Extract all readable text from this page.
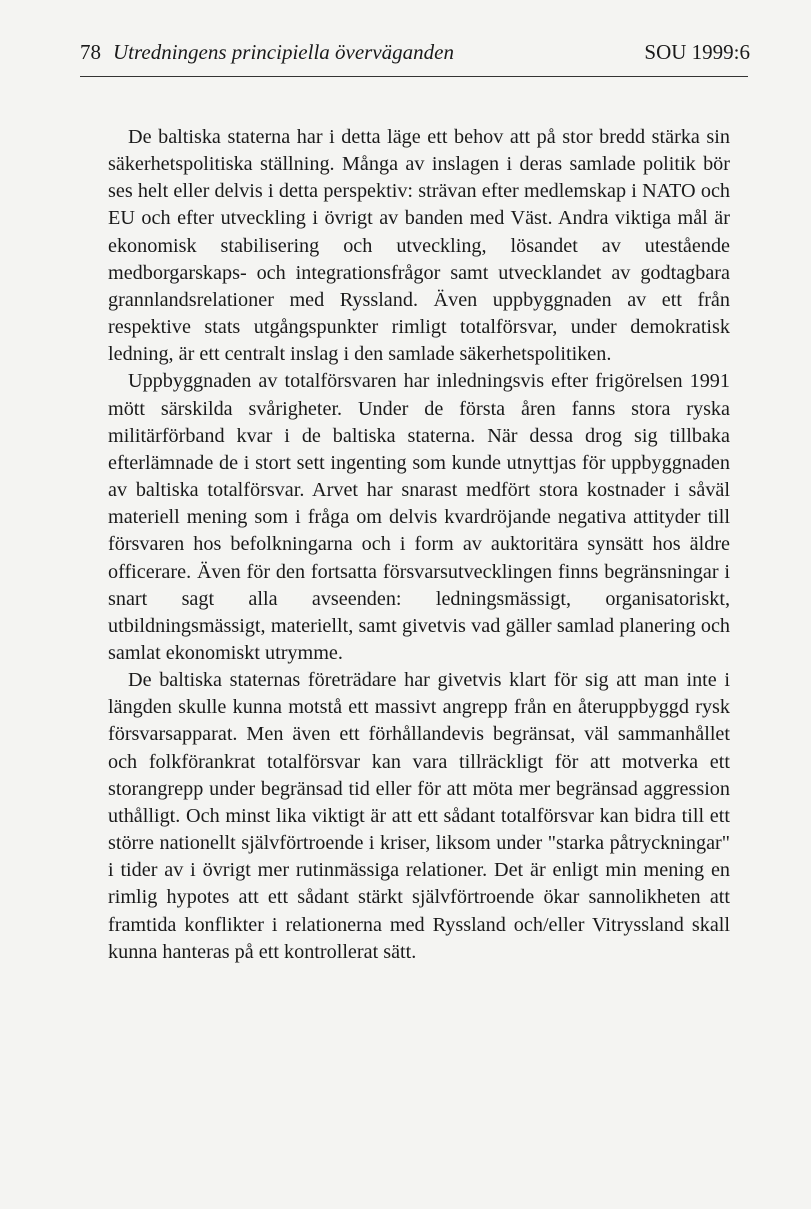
78 Utredningens principiella överväganden	SOU 1999:6

De baltiska staterna har i detta läge ett behov att på stor bredd stärka sin säkerhetspolitiska ställning. Många av inslagen i deras samlade politik bör ses helt eller delvis i detta perspektiv: strävan efter medlemskap i NATO och EU och efter utveckling i övrigt av banden med Väst. Andra viktiga mål är ekonomisk stabilisering och utveckling, lösandet av utestående medborgarskaps- och integrationsfrågor samt utvecklandet av godtagbara grannlandsrelationer med Ryssland. Även uppbyggnaden av ett från respektive stats utgångspunkter rimligt totalförsvar, under demokratisk ledning, är ett centralt inslag i den samlade säkerhetspolitiken.

Uppbyggnaden av totalförsvaren har inledningsvis efter frigörelsen 1991 mött särskilda svårigheter. Under de första åren fanns stora ryska militärförband kvar i de baltiska staterna. När dessa drog sig tillbaka efterlämnade de i stort sett ingenting som kunde utnyttjas för uppbyggnaden av baltiska totalförsvar. Arvet har snarast medfört stora kostnader i såväl materiell mening som i fråga om delvis kvardröjande negativa attityder till försvaren hos befolkningarna och i form av auktoritära synsätt hos äldre officerare. Även för den fortsatta försvarsutvecklingen finns begränsningar i snart sagt alla avseenden: ledningsmässigt, organisatoriskt, utbildningsmässigt, materiellt, samt givetvis vad gäller samlad planering och samlat ekonomiskt utrymme.

De baltiska staternas företrädare har givetvis klart för sig att man inte i längden skulle kunna motstå ett massivt angrepp från en återuppbyggd rysk försvarsapparat. Men även ett förhållandevis begränsat, väl sammanhållet och folkförankrat totalförsvar kan vara tillräckligt för att motverka ett storangrepp under begränsad tid eller för att möta mer begränsad aggression uthålligt. Och minst lika viktigt är att ett sådant totalförsvar kan bidra till ett större nationellt självförtroende i kriser, liksom under "starka påtryckningar" i tider av i övrigt mer rutinmässiga relationer. Det är enligt min mening en rimlig hypotes att ett sådant stärkt självförtroende ökar sannolikheten att framtida konflikter i relationerna med Ryssland och/eller Vitryssland skall kunna hanteras på ett kontrollerat sätt.
